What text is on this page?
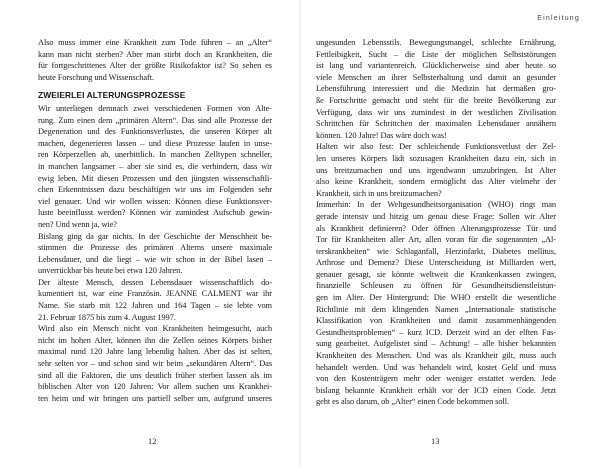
Also muss immer eine Krankheit zum Tode führen – an „Alter“
kann man nicht sterben? Aber man stirbt doch an Krankheiten, die
für fortgeschrittenes Alter der größte Risikofaktor ist? So sehen es
heute Forschung und Wissenschaft.
ZWEIERLEI ALTERUNGSPROZESSE
Wir unterliegen demnach zwei verschiedenen Formen von Alte-
rung. Zum einen dem „primären Altern“. Das sind alle Prozesse der
Degeneration und des Funktionsverlustes, die unseren Körper alt
machen, degenerieren lassen – und diese Prozesse laufen in unse-
ren Körperzellen ab, unerbittlich. In manchen Zelltypen schneller,
in manchen langsamer – aber sie sind es, die verhindern, dass wir
ewig leben. Mit diesen Prozessen und den jüngsten wissenschaftli-
chen Erkenntnissen dazu beschäftigen wir uns im Folgenden sehr
viel genauer. Und wir wollen wissen: Können diese Funktionsver-
luste beeinflusst werden? Können wir zumindest Aufschub gewin-
nen? Und wenn ja, wie?
Bislang ging da gar nichts. In der Geschichte der Menschheit be-
stimmen die Prozesse des primären Alterns unsere maximale
Lebensdauer, und die liegt – wie wir schon in der Bibel lasen –
unverrückbar bis heute bei etwa 120 Jahren.
Der älteste Mensch, dessen Lebensdauer wissenschaftlich do-
kumentiert ist, war eine Französin. JEANNE CALMENT war ihr
Name. Sie starb mit 122 Jahren und 164 Tagen – sie lebte vom
21. Februar 1875 bis zum 4. August 1997.
Wird also ein Mensch nicht von Krankheiten heimgesucht, auch
nicht im hohen Alter, können ihn die Zellen seines Körpers bisher
maximal rund 120 Jahre lang lebendig halten. Aber das ist selten,
sehr selten vor – und schon sind wir beim „sekundären Altern“. Das
sind all die Faktoren, die uns deutlich früher sterben lassen als im
biblischen Alter von 120 Jahren: Vor allem suchen uns Krankhei-
ten heim und wir bringen uns partiell selber um, aufgrund unseres
12
Einleitung
ungesunden Lebensstils. Bewegungsmangel, schlechte Ernährung,
Fettleibigkeit, Sucht – die Liste der möglichen Selbststörungen
ist lang und variantenreich. Glücklicherweise sind aber heute so
viele Menschen an ihrer Selbsterhaltung und damit an gesunder
Lebensführung interessiert und die Medizin hat dermaßen gro-
ße Fortschritte gemacht und steht für die breite Bevölkerung zur
Verfügung, dass wir uns zumindest in der westlichen Zivilisation
Schrittchen für Schrittchen der maximalen Lebensdauer annähern
können. 120 Jahre! Das wäre doch was!
Halten wir also fest: Der schleichende Funktionsverlust der Zel-
len unseres Körpers lädt sozusagen Krankheiten dazu ein, sich in
uns breitzumachen und uns irgendwann umzubringen. Ist Alter
also keine Krankheit, sondern ermöglicht das Alter vielmehr der
Krankheit, sich in uns breitzumachen?
Immerhin: In der Weltgesundheitsorganisation (WHO) ringt man
gerade intensiv und hitzig um genau diese Frage: Sollen wir Alter
als Krankheit definieren? Oder öffnen Alterungsprozesse Tür und
Tor für Krankheiten aller Art, allen voran für die sogenannten „Al-
terskrankheiten“ wie Schlaganfall, Herzinfarkt, Diabetes mellitus,
Arthrose und Demenz? Diese Unterscheidung ist Milliarden wert,
genauer gesagt, sie könnte weltweit die Krankenkassen zwingen,
finanzielle Schleusen zu öffnen für Gesundheitsdienstleistun-
gen im Alter. Der Hintergrund: Die WHO erstellt die wesentliche
Richtlinie mit dem klingenden Namen „Internationale statistische
Klassifikation von Krankheiten und damit zusammenhängenden
Gesundheitsproblemen“ – kurz ICD. Derzeit wird an der elften Fas-
sung gearbeitet. Aufgelistet sind – Achtung! – alle bisher bekannten
Krankheiten des Menschen. Und was als Krankheit gilt, muss auch
behandelt werden. Und was behandelt wird, kostet Geld und muss
von den Kostenträgern mehr oder weniger erstattet werden. Jede
bislang bekannte Krankheit erhält vor der ICD einen Code. Jetzt
geht es also darum, ob „Alter“ einen Code bekommen soll.
13
